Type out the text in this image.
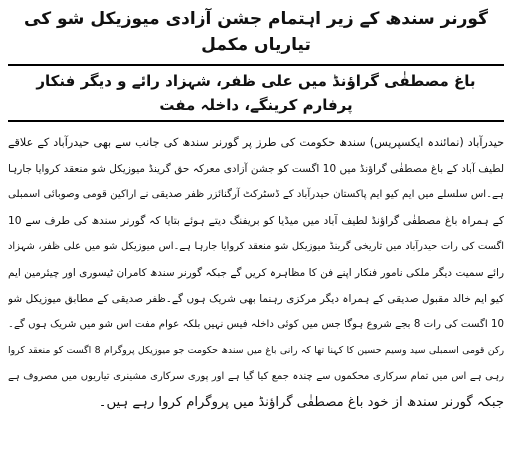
گورنر سندھ کے زیر اہتمام جشن آزادی میوزیکل شو کی تیاریاں مکمل
باغ مصطفٰی گراؤنڈ میں علی ظفر، شہزاد رائے و دیگر فنکار پرفارم کرینگے، داخلہ مفت
حیدرآباد (نمائندہ ایکسپریس) سندھ حکومت کی طرز پر گورنر سندھ کی جانب سے بھی حیدرآباد کے علاقے
لطیف آباد کے باغ مصطفٰی گراؤنڈ میں 10 اگست کو جشن آزادی معرکہ حق گرینڈ میوزیکل شو منعقد کروایا جارہا
ہے۔اس سلسلے میں ایم کیو ایم پاکستان حیدرآباد کے ڈسٹرکٹ آرگنائزر ظفر صدیقی نے اراکین قومی وصوبائی اسمبلی
کے ہمراہ باغ مصطفٰی گراؤنڈ لطیف آباد میں میڈیا کو بریفنگ دیتے ہوئے بتایا کہ گورنر سندھ کی طرف سے 10
اگست کی رات حیدرآباد میں تاریخی گرینڈ میوزیکل شو منعقد کروایا جارہا ہے۔اس میوزیکل شو میں علی ظفر، شہزاد
رائے سمیت دیگر ملکی نامور فنکار اپنے فن کا مظاہرہ کریں گے جبکہ گورنر سندھ کامران ٹیسوری اور چیئرمین ایم
کیو ایم خالد مقبول صدیقی کے ہمراہ دیگر مرکزی رہنما بھی شریک ہوں گے۔ظفر صدیقی کے مطابق میوزیکل شو
10 اگست کی رات 8 بجے شروع ہوگا جس میں کوئی داخلہ فیس نہیں بلکہ عوام مفت اس شو میں شریک ہوں گے۔
رکن قومی اسمبلی سید وسیم حسین کا کہنا تھا کہ رانی باغ میں سندھ حکومت جو میوزیکل پروگرام 8 اگست کو منعقد کروا
رہی ہے اس میں تمام سرکاری محکموں سے چندہ جمع کیا گیا ہے اور پوری سرکاری مشینری تیاریوں میں مصروف ہے
جبکہ گورنر سندھ از خود باغ مصطفٰی گراؤنڈ میں پروگرام کروا رہے ہیں۔
